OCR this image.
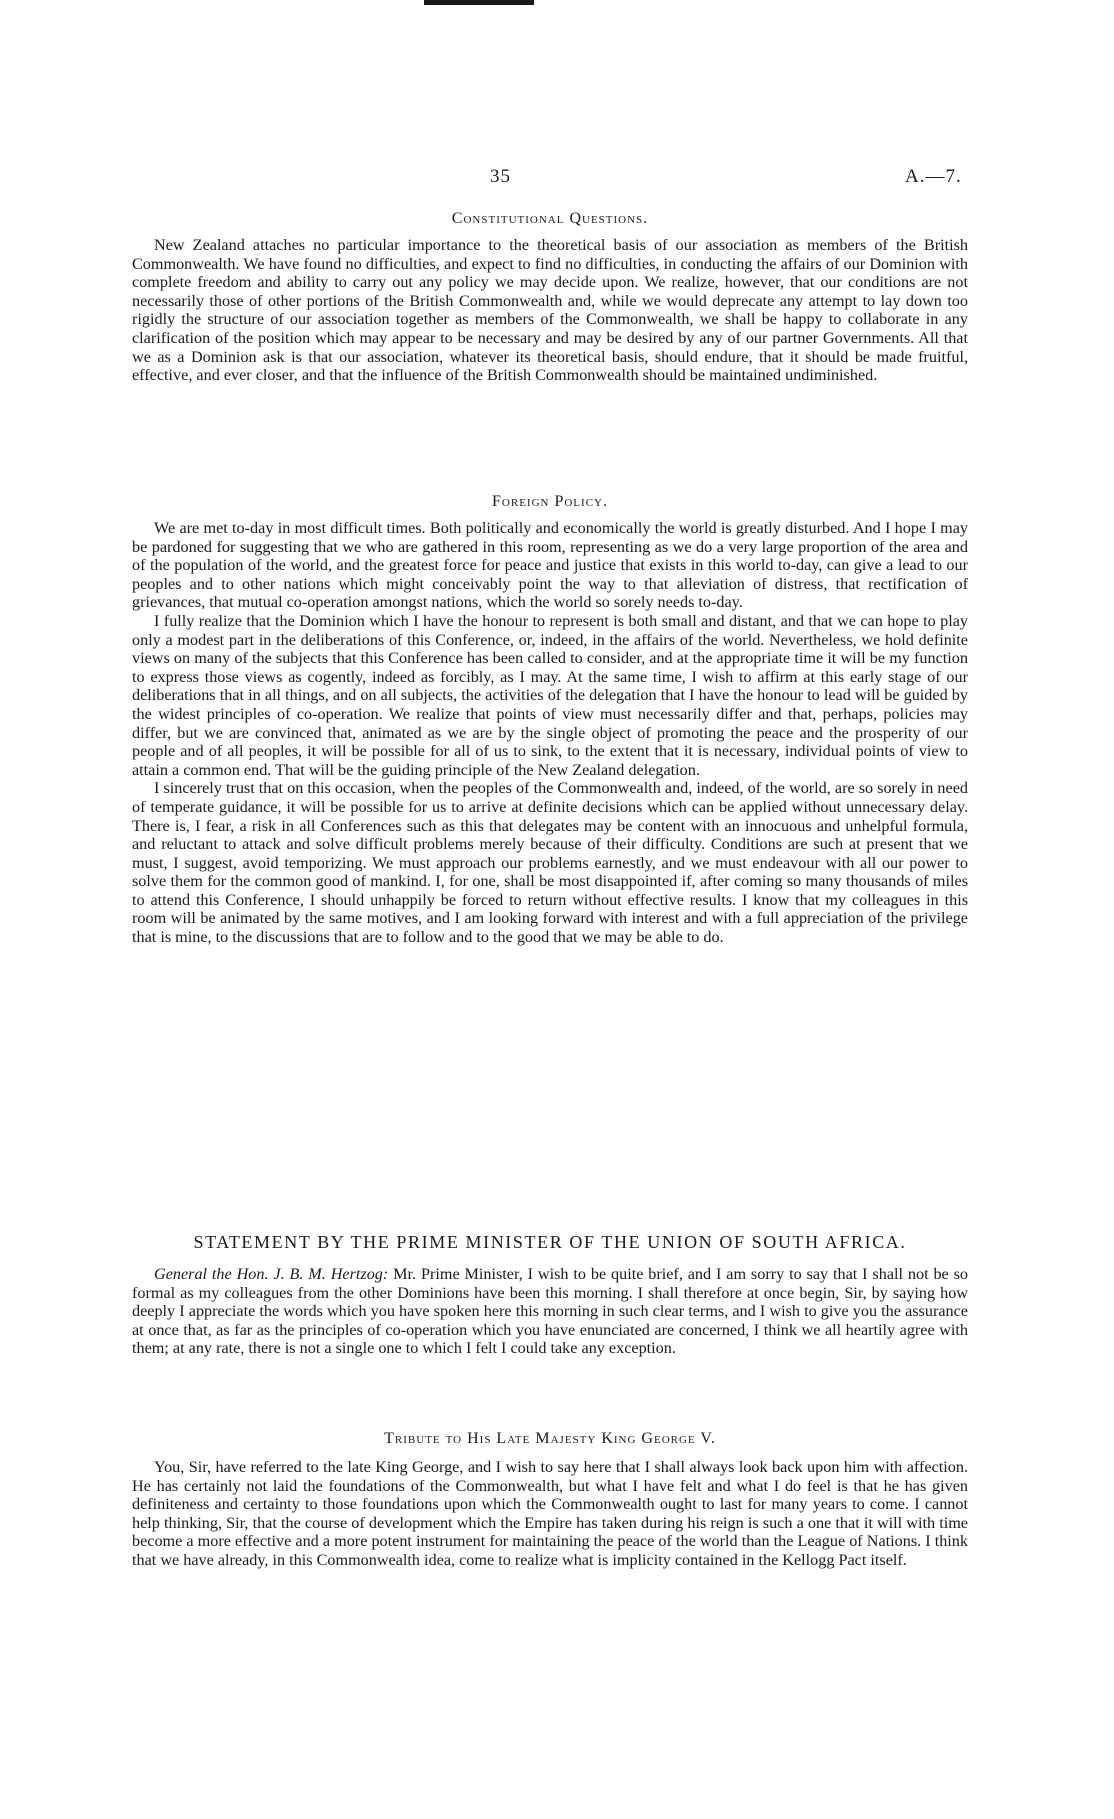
35	A.—7.

Constitutional Questions.

New Zealand attaches no particular importance to the theoretical basis of our association as members of the British Commonwealth. We have found no difficulties, and expect to find no difficulties, in conducting the affairs of our Dominion with complete freedom and ability to carry out any policy we may decide upon. We realize, however, that our conditions are not necessarily those of other portions of the British Commonwealth and, while we would deprecate any attempt to lay down too rigidly the structure of our association together as members of the Commonwealth, we shall be happy to collaborate in any clarification of the position which may appear to be necessary and may be desired by any of our partner Governments. All that we as a Dominion ask is that our association, whatever its theoretical basis, should endure, that it should be made fruitful, effective, and ever closer, and that the influence of the British Commonwealth should be maintained undiminished.

Foreign Policy.

We are met to-day in most difficult times. Both politically and economically the world is greatly disturbed. And I hope I may be pardoned for suggesting that we who are gathered in this room, representing as we do a very large proportion of the area and of the population of the world, and the greatest force for peace and justice that exists in this world to-day, can give a lead to our peoples and to other nations which might conceivably point the way to that alleviation of distress, that rectification of grievances, that mutual co-operation amongst nations, which the world so sorely needs to-day.

I fully realize that the Dominion which I have the honour to represent is both small and distant, and that we can hope to play only a modest part in the deliberations of this Conference, or, indeed, in the affairs of the world. Nevertheless, we hold definite views on many of the subjects that this Conference has been called to consider, and at the appropriate time it will be my function to express those views as cogently, indeed as forcibly, as I may. At the same time, I wish to affirm at this early stage of our deliberations that in all things, and on all subjects, the activities of the delegation that I have the honour to lead will be guided by the widest principles of co-operation. We realize that points of view must necessarily differ and that, perhaps, policies may differ, but we are convinced that, animated as we are by the single object of promoting the peace and the prosperity of our people and of all peoples, it will be possible for all of us to sink, to the extent that it is necessary, individual points of view to attain a common end. That will be the guiding principle of the New Zealand delegation.

I sincerely trust that on this occasion, when the peoples of the Commonwealth and, indeed, of the world, are so sorely in need of temperate guidance, it will be possible for us to arrive at definite decisions which can be applied without unnecessary delay. There is, I fear, a risk in all Conferences such as this that delegates may be content with an innocuous and unhelpful formula, and reluctant to attack and solve difficult problems merely because of their difficulty. Conditions are such at present that we must, I suggest, avoid temporizing. We must approach our problems earnestly, and we must endeavour with all our power to solve them for the common good of mankind. I, for one, shall be most disappointed if, after coming so many thousands of miles to attend this Conference, I should unhappily be forced to return without effective results. I know that my colleagues in this room will be animated by the same motives, and I am looking forward with interest and with a full appreciation of the privilege that is mine, to the discussions that are to follow and to the good that we may be able to do.

STATEMENT BY THE PRIME MINISTER OF THE UNION OF SOUTH AFRICA.

General the Hon. J. B. M. Hertzog: Mr. Prime Minister, I wish to be quite brief, and I am sorry to say that I shall not be so formal as my colleagues from the other Dominions have been this morning. I shall therefore at once begin, Sir, by saying how deeply I appreciate the words which you have spoken here this morning in such clear terms, and I wish to give you the assurance at once that, as far as the principles of co-operation which you have enunciated are concerned, I think we all heartily agree with them; at any rate, there is not a single one to which I felt I could take any exception.

Tribute to His Late Majesty King George V.

You, Sir, have referred to the late King George, and I wish to say here that I shall always look back upon him with affection. He has certainly not laid the foundations of the Commonwealth, but what I have felt and what I do feel is that he has given definiteness and certainty to those foundations upon which the Commonwealth ought to last for many years to come. I cannot help thinking, Sir, that the course of development which the Empire has taken during his reign is such a one that it will with time become a more effective and a more potent instrument for maintaining the peace of the world than the League of Nations. I think that we have already, in this Commonwealth idea, come to realize what is implicity contained in the Kellogg Pact itself.
